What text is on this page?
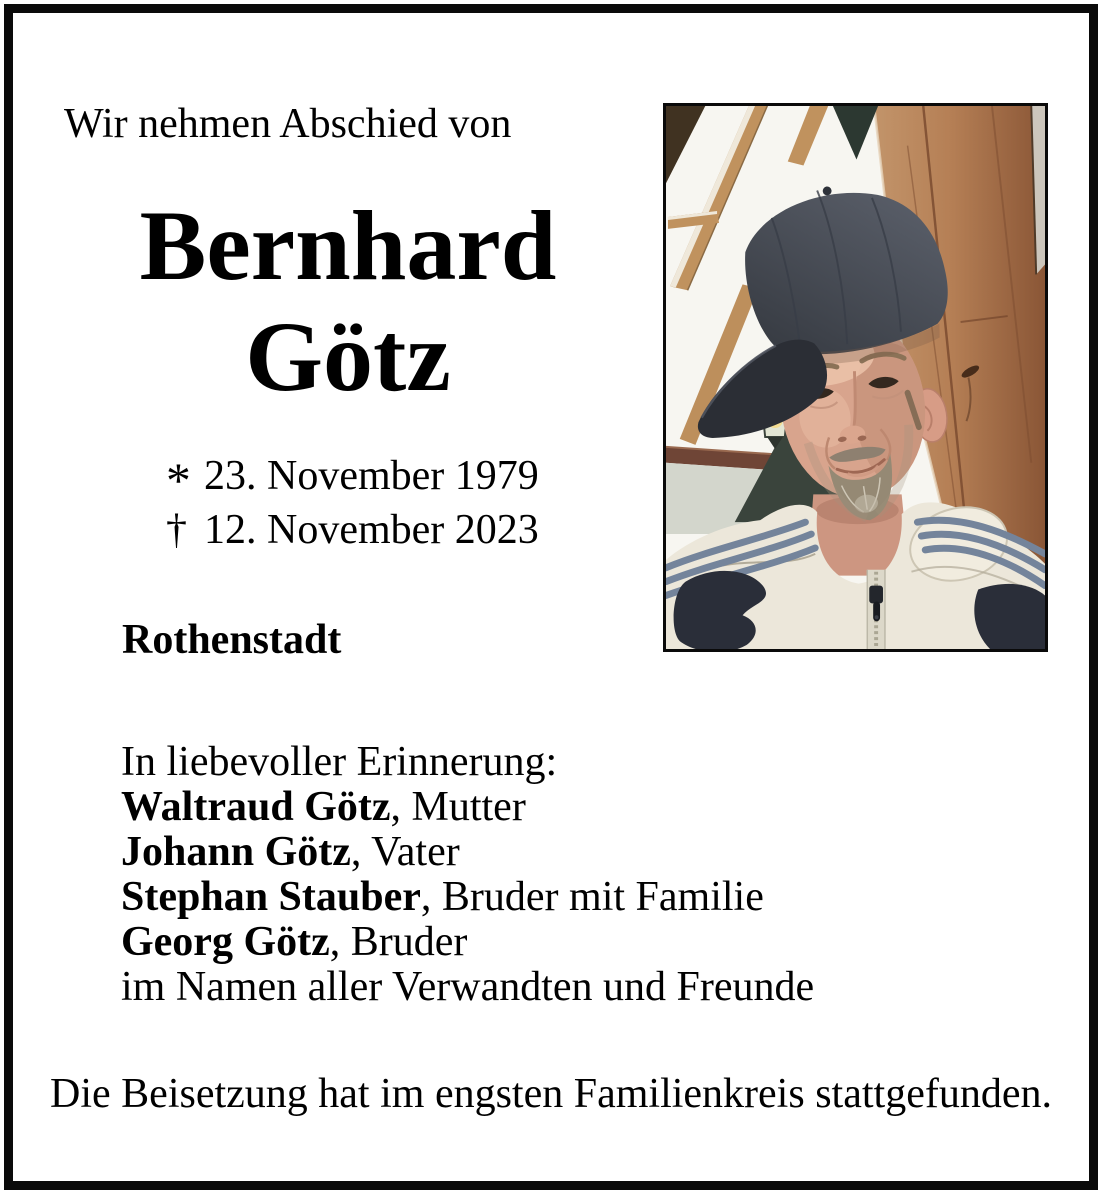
Wir nehmen Abschied von
Bernhard
Götz
* 23. November 1979
† 12. November 2023
Rothenstadt
In liebevoller Erinnerung:
Waltraud Götz, Mutter
Johann Götz, Vater
Stephan Stauber, Bruder mit Familie
Georg Götz, Bruder
im Namen aller Verwandten und Freunde
Die Beisetzung hat im engsten Familienkreis stattgefunden.
